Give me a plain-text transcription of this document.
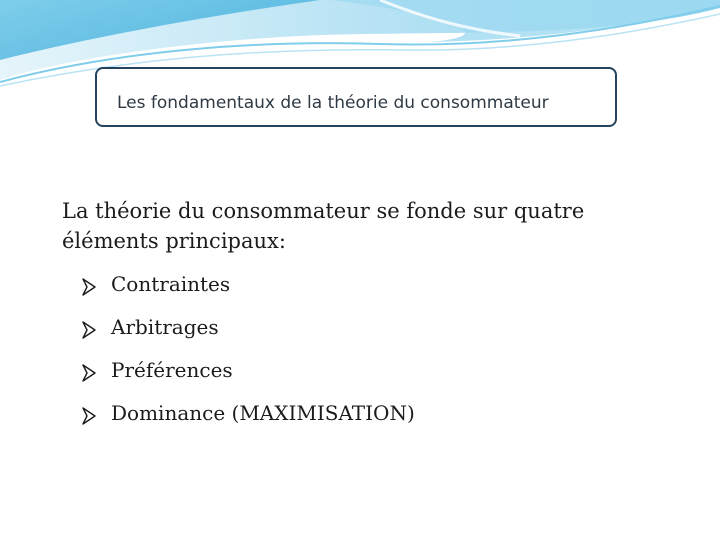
Les fondamentaux de la théorie du consommateur
La théorie du consommateur se fonde sur quatre éléments principaux:
Contraintes
Arbitrages
Préférences
Dominance (MAXIMISATION)
